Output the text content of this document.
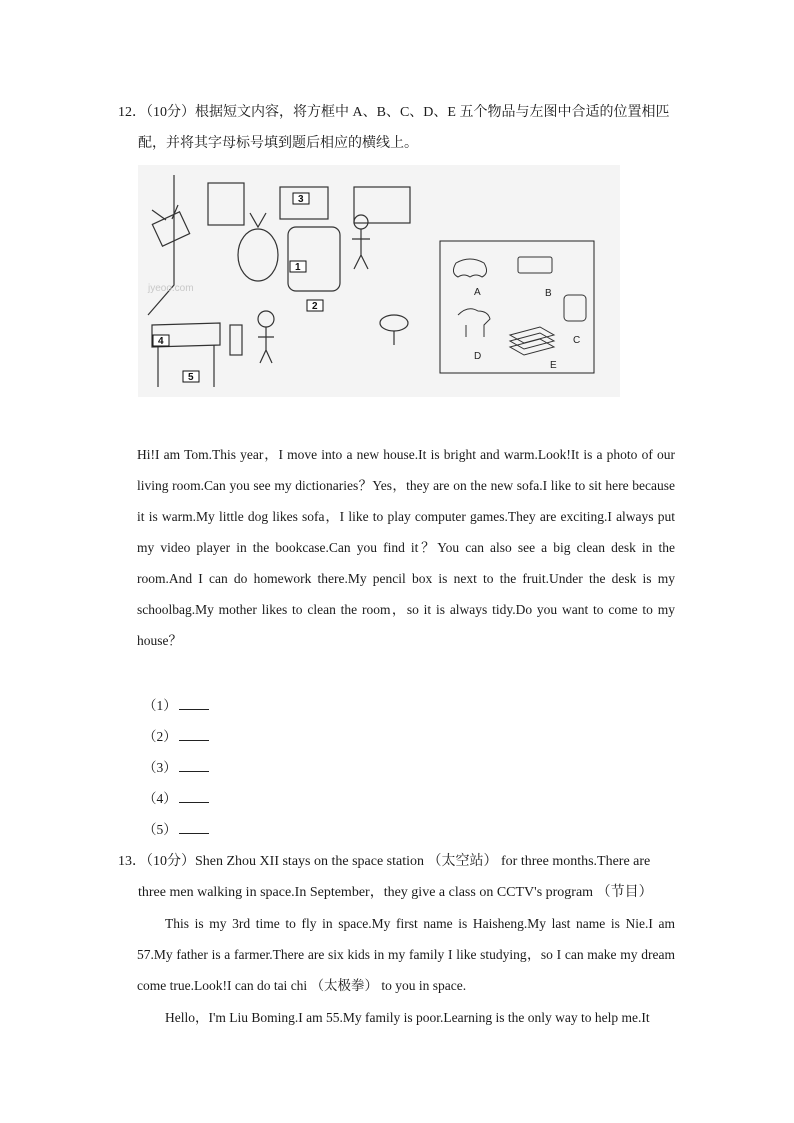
12．（10分）根据短文内容，将方框中 A、B、C、D、E 五个物品与左图中合适的位置相匹
配，并将其字母标号填到题后相应的横线上。
3
1
2
4
5
jyeoo.com	A	B
C
D
E
Hi!I am Tom.This year，I move into a new house.It is bright and warm.Look!It is a photo of our living room.Can you see my dictionaries？Yes，they are on the new sofa.I like to sit here because it is warm.My little dog likes sofa，I like to play computer games.They are exciting.I always put my video player in the bookcase.Can you find it？You can also see a big clean desk in the room.And I can do homework there.My pencil box is next to the fruit.Under the desk is my schoolbag.My mother likes to clean the room，so it is always tidy.Do you want to come to my house？
（1）
（2）
（3）
（4）
（5）
13．（10分）Shen Zhou XII stays on the space station （太空站） for three months.There are
three men walking in space.In September，they give a class on CCTV's program （节目）
This is my 3rd time to fly in space.My first name is Haisheng.My last name is Nie.I am 57.My father is a farmer.There are six kids in my family I like studying，so I can make my dream come true.Look!I can do tai chi （太极拳） to you in space.
Hello，I'm Liu Boming.I am 55.My family is poor.Learning is the only way to help me.It
